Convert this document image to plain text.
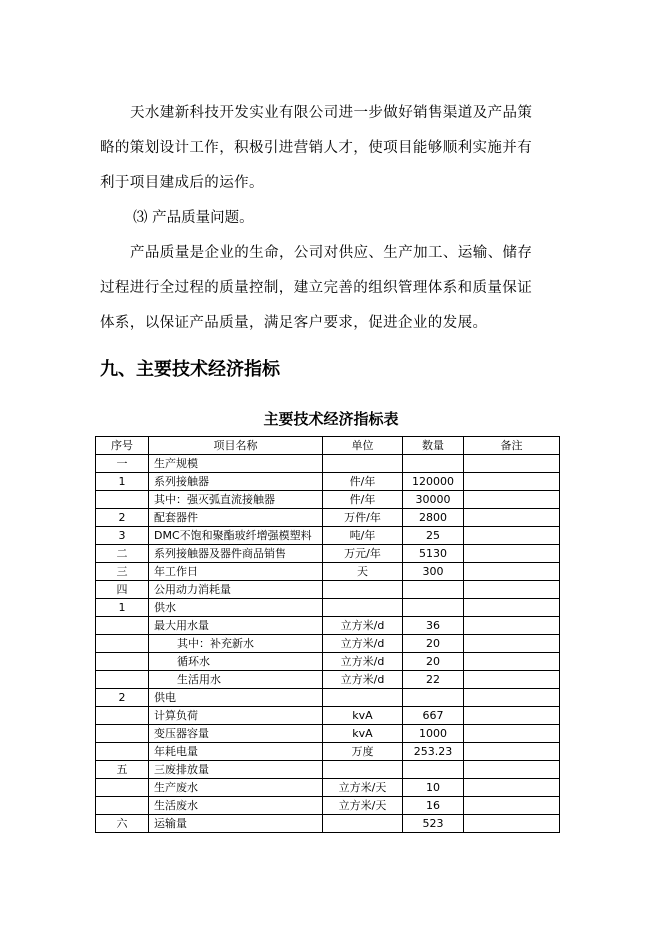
天水建新科技开发实业有限公司进一步做好销售渠道及产品策
略的策划设计工作，积极引进营销人才，使项目能够顺利实施并有
利于项目建成后的运作。

⑶ 产品质量问题。

产品质量是企业的生命，公司对供应、生产加工、运输、储存
过程进行全过程的质量控制，建立完善的组织管理体系和质量保证
体系，以保证产品质量，满足客户要求，促进企业的发展。

九、主要技术经济指标
主要技术经济指标表
序号	项目名称	单位	数量	备注
一	生产规模			
1	系列接触器	件/年	120000	
	其中：强灭弧直流接触器	件/年	30000	
2	配套器件	万件/年	2800	
3	DMC不饱和聚酯玻纤增强模塑料	吨/年	25	
二	系列接触器及器件商品销售	万元/年	5130	
三	年工作日	天	300	
四	公用动力消耗量			
1	供水			
	最大用水量	立方米/d	36	
	其中：补充新水	立方米/d	20	
	循环水	立方米/d	20	
	生活用水	立方米/d	22	
2	供电			
	计算负荷	kvA	667	
	变压器容量	kvA	1000	
	年耗电量	万度	253.23	
五	三废排放量			
	生产废水	立方米/天	10	
	生活废水	立方米/天	16	
六	运输量		523	
